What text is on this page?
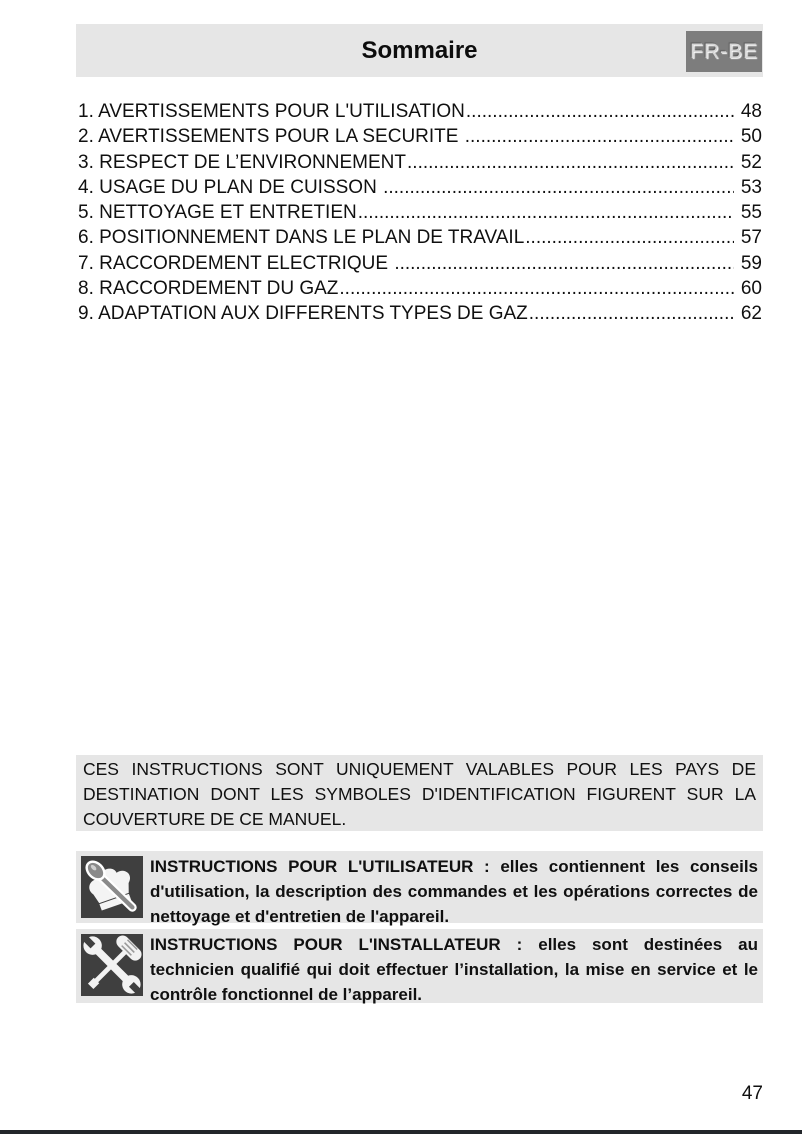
Sommaire	FR-BE
1. AVERTISSEMENTS POUR L'UTILISATION .....	48
2. AVERTISSEMENTS POUR LA SECURITE .....	50
3. RESPECT DE L’ENVIRONNEMENT .....	52
4. USAGE DU PLAN DE CUISSON .....	53
5. NETTOYAGE ET ENTRETIEN .....	55
6. POSITIONNEMENT DANS LE PLAN DE TRAVAIL .....	57
7. RACCORDEMENT ELECTRIQUE .....	59
8. RACCORDEMENT DU GAZ .....	60
9. ADAPTATION AUX DIFFERENTS TYPES DE GAZ .....	62
CES INSTRUCTIONS SONT UNIQUEMENT VALABLES POUR LES PAYS DE DESTINATION DONT LES SYMBOLES D'IDENTIFICATION FIGURENT SUR LA COUVERTURE DE CE MANUEL.
INSTRUCTIONS POUR L'UTILISATEUR : elles contiennent les conseils d'utilisation, la description des commandes et les opérations correctes de nettoyage et d'entretien de l'appareil.
INSTRUCTIONS POUR L'INSTALLATEUR : elles sont destinées au technicien qualifié qui doit effectuer l’installation, la mise en service et le contrôle fonctionnel de l’appareil.
47
